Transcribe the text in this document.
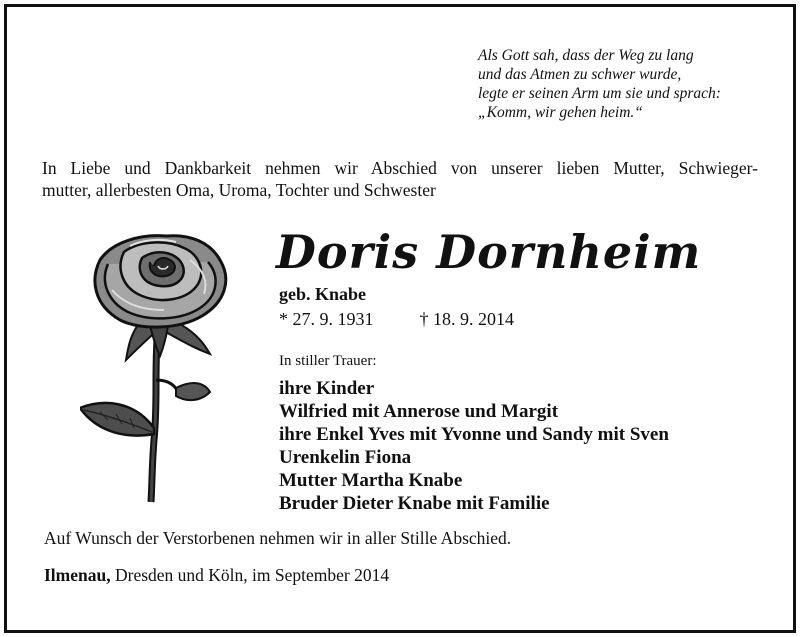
Als Gott sah, dass der Weg zu lang
und das Atmen zu schwer wurde,
legte er seinen Arm um sie und sprach:
„Komm, wir gehen heim.“
In Liebe und Dankbarkeit nehmen wir Abschied von unserer lieben Mutter, Schwieger-
mutter, allerbesten Oma, Uroma, Tochter und Schwester
Doris Dornheim
geb. Knabe
* 27. 9. 1931	† 18. 9. 2014
In stiller Trauer:
ihre Kinder
Wilfried mit Annerose und Margit
ihre Enkel Yves mit Yvonne und Sandy mit Sven
Urenkelin Fiona
Mutter Martha Knabe
Bruder Dieter Knabe mit Familie
Auf Wunsch der Verstorbenen nehmen wir in aller Stille Abschied.
Ilmenau, Dresden und Köln, im September 2014
